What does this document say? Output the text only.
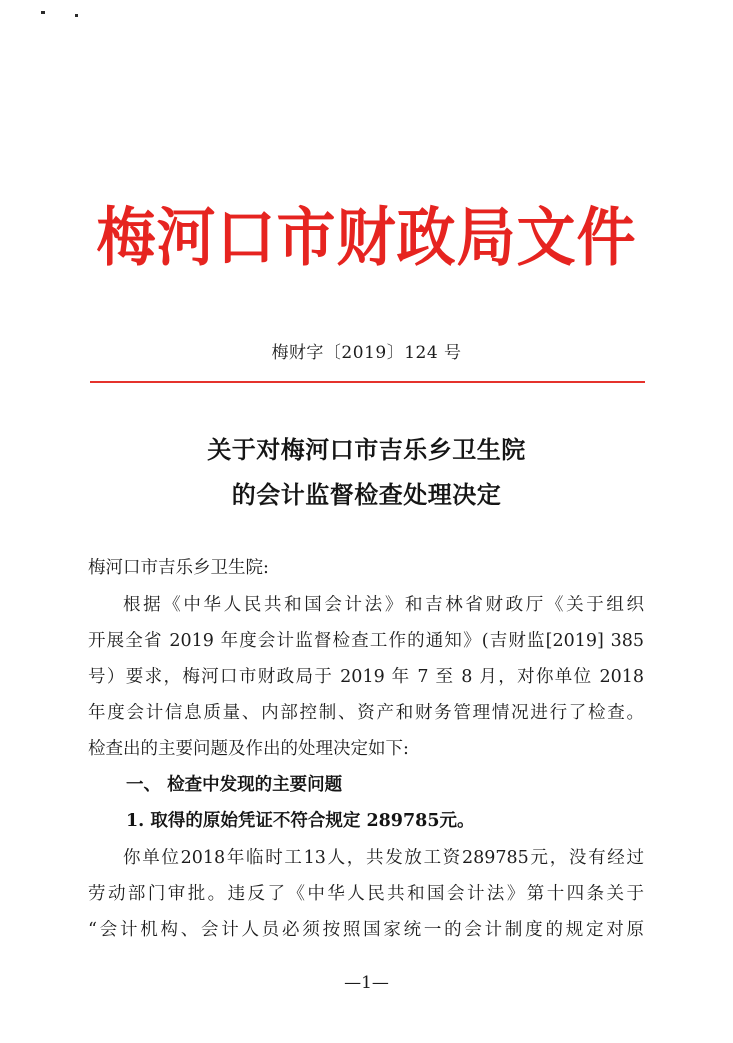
梅河口市财政局文件
梅财字〔2019〕124 号
关于对梅河口市吉乐乡卫生院
的会计监督检查处理决定
梅河口市吉乐乡卫生院:
根据《中华人民共和国会计法》和吉林省财政厅《关于组织
开展全省 2019 年度会计监督检查工作的通知》(吉财监[2019] 385
号）要求，梅河口市财政局于 2019 年 7 至 8 月，对你单位 2018
年度会计信息质量、内部控制、资产和财务管理情况进行了检查。
检查出的主要问题及作出的处理决定如下:
一、 检查中发现的主要问题
1. 取得的原始凭证不符合规定 289785元。
你单位2018年临时工13人，共发放工资289785元，没有经过
劳动部门审批。违反了《中华人民共和国会计法》第十四条关于
“会计机构、会计人员必须按照国家统一的会计制度的规定对原
—1—
